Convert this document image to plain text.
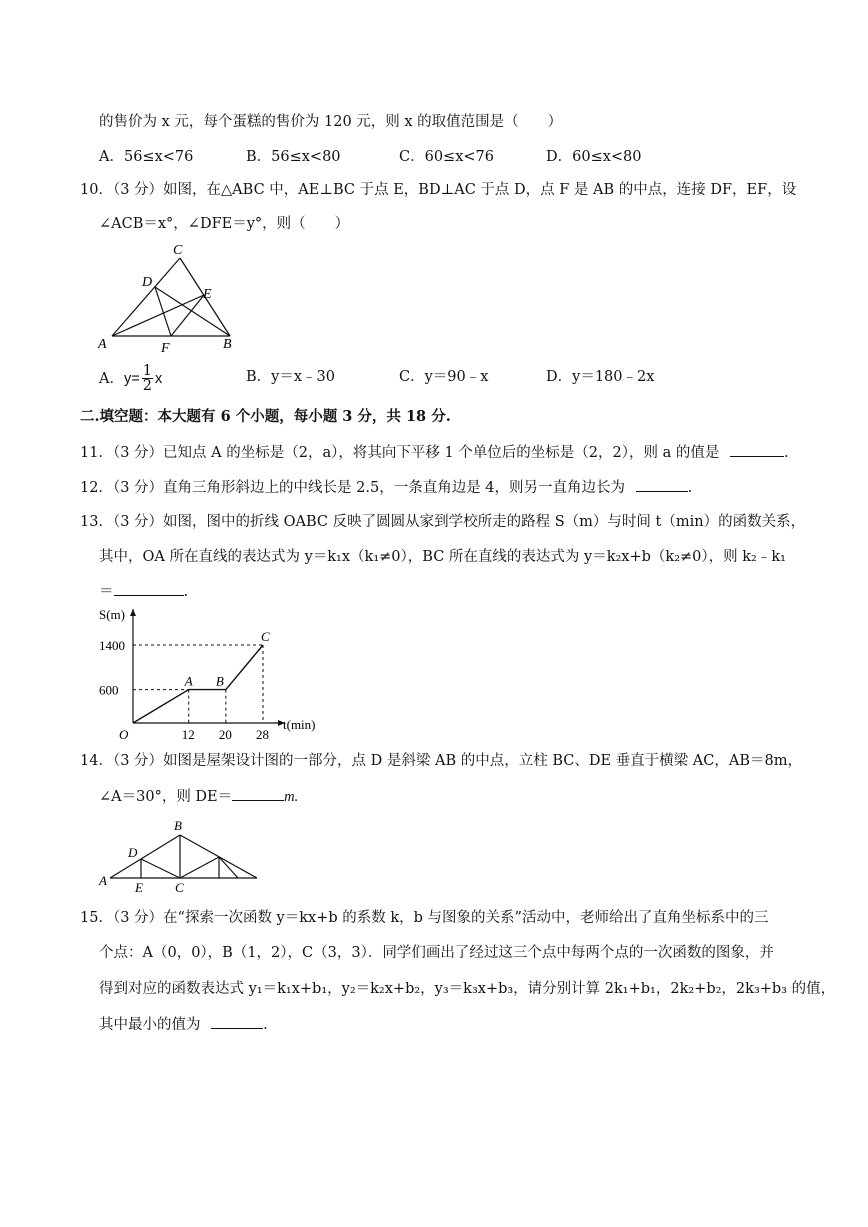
的售价为 x 元，每个蛋糕的售价为 120 元，则 x 的取值范围是（　　）
A．56≤x<76	B．56≤x<80	C．60≤x<76	D．60≤x<80
10．（3 分）如图，在△ABC 中，AE⊥BC 于点 E，BD⊥AC 于点 D，点 F 是 AB 的中点，连接 DF，EF，设
∠ACB＝x°，∠DFE＝y°，则（　　）
C
D
E
A	F	B
A． $y= \frac{1}{2}$ x	B．y＝x﹣30	C．y＝90﹣x	D．y＝180﹣2x
二.填空题：本大题有 6 个小题，每小题 3 分，共 18 分.
11．（3 分）已知点 A 的坐标是（2，a），将其向下平移 1 个单位后的坐标是（2，2），则 a 的值是	.
12．（3 分）直角三角形斜边上的中线长是 2.5，一条直角边是 4，则另一直角边长为	.
13．（3 分）如图，图中的折线 OABC 反映了圆圆从家到学校所走的路程 S（m）与时间 t（min）的函数关系，
其中，OA 所在直线的表达式为 y＝k₁x（k₁≠0），BC 所在直线的表达式为 y＝k₂x+b（k₂≠0），则 k₂﹣k₁
＝	.
S(m)
t(min)
O
A B
C
12 20 28
600
1400
14．（3 分）如图是屋架设计图的一部分，点 D 是斜梁 AB 的中点，立柱 BC、DE 垂直于横梁 AC，AB＝8m，
∠A＝30°，则 DE＝	m.
B
D
A E C
15．（3 分）在“探索一次函数 y＝kx+b 的系数 k，b 与图象的关系”活动中，老师给出了直角坐标系中的三
个点：A（0，0），B（1，2），C（3，3）．同学们画出了经过这三个点中每两个点的一次函数的图象，并
得到对应的函数表达式 y₁＝k₁x+b₁，y₂＝k₂x+b₂，y₃＝k₃x+b₃，请分别计算 2k₁+b₁，2k₂+b₂，2k₃+b₃ 的值，
其中最小的值为	.
